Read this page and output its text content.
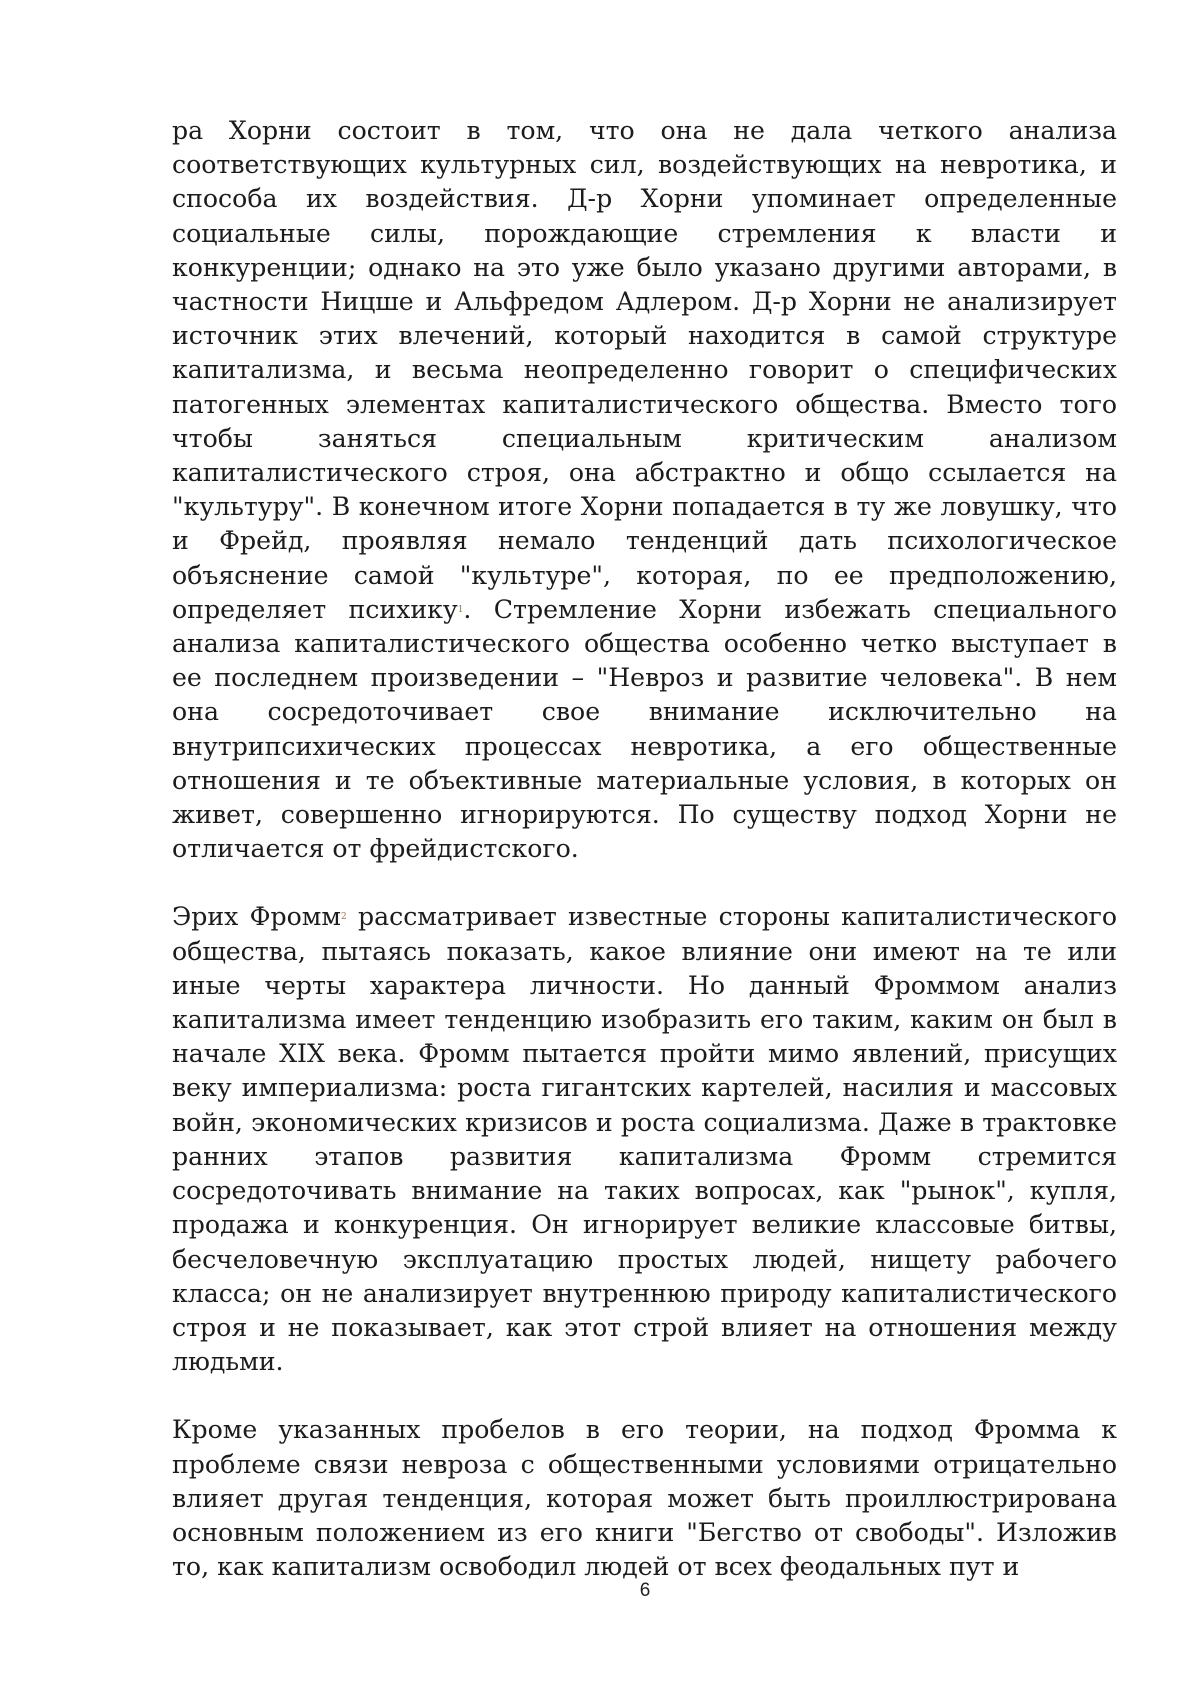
ра Хорни состоит в том, что она не дала четкого анализа соответствующих культурных сил, воздействующих на невротика, и способа их воздействия. Д-р Хорни упоминает определенные социальные силы, порождающие стремления к власти и конкуренции; однако на это уже было указано другими авторами, в частности Ницше и Альфредом Адлером. Д-р Хорни не анализирует источник этих влечений, который находится в самой структуре капитализма, и весьма неопределенно говорит о специфических патогенных элементах капиталистического общества. Вместо того чтобы заняться специальным критическим анализом капиталистического строя, она абстрактно и общо ссылается на "культуру". В конечном итоге Хорни попадается в ту же ловушку, что и Фрейд, проявляя немало тенденций дать психологическое объяснение самой "культуре", которая, по ее предположению, определяет психику$^1$. Стремление Хорни избежать специального анализа капиталистического общества особенно четко выступает в ее последнем произведении – "Невроз и развитие человека". В нем она сосредоточивает свое внимание исключительно на внутрипсихических процессах невротика, а его общественные отношения и те объективные материальные условия, в которых он живет, совершенно игнорируются. По существу подход Хорни не отличается от фрейдистского.

Эрих Фромм$^2$ рассматривает известные стороны капиталистического общества, пытаясь показать, какое влияние они имеют на те или иные черты характера личности. Но данный Фроммом анализ капитализма имеет тенденцию изобразить его таким, каким он был в начале XIX века. Фромм пытается пройти мимо явлений, присущих веку империализма: роста гигантских картелей, насилия и массовых войн, экономических кризисов и роста социализма. Даже в трактовке ранних этапов развития капитализма Фромм стремится сосредоточивать внимание на таких вопросах, как "рынок", купля, продажа и конкуренция. Он игнорирует великие классовые битвы, бесчеловечную эксплуатацию простых людей, нищету рабочего класса; он не анализирует внутреннюю природу капиталистического строя и не показывает, как этот строй влияет на отношения между людьми.

Кроме указанных пробелов в его теории, на подход Фромма к проблеме связи невроза с общественными условиями отрицательно влияет другая тенденция, которая может быть проиллюстрирована основным положением из его книги "Бегство от свободы". Изложив то, как капитализм освободил людей от всех феодальных пут и

6
